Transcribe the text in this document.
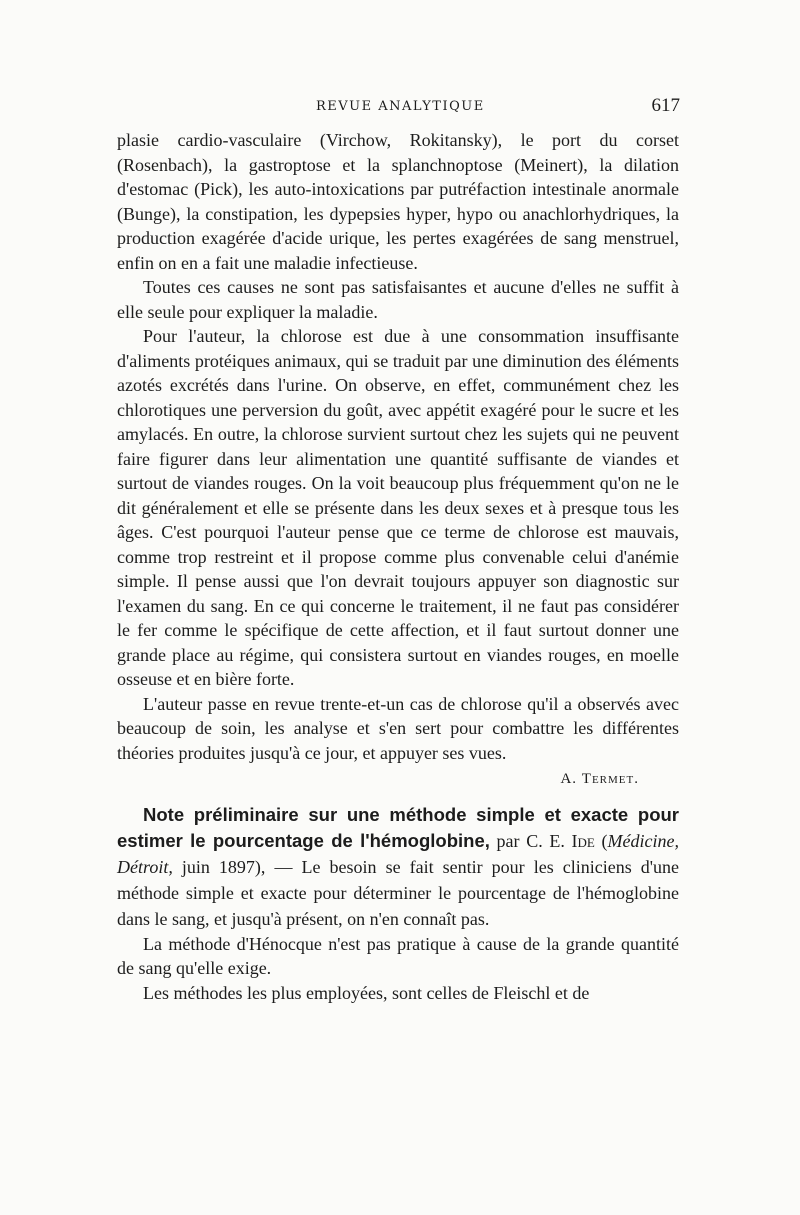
REVUE ANALYTIQUE	617

plasie cardio-vasculaire (Virchow, Rokitansky), le port du corset (Rosenbach), la gastroptose et la splanchnoptose (Meinert), la dilation d'estomac (Pick), les auto-intoxications par putréfaction intestinale anormale (Bunge), la constipation, les dypepsies hyper, hypo ou anachlorhydriques, la production exagérée d'acide urique, les pertes exagérées de sang menstruel, enfin on en a fait une maladie infectieuse.

Toutes ces causes ne sont pas satisfaisantes et aucune d'elles ne suffit à elle seule pour expliquer la maladie.

Pour l'auteur, la chlorose est due à une consommation insuffisante d'aliments protéiques animaux, qui se traduit par une diminution des éléments azotés excrétés dans l'urine. On observe, en effet, communément chez les chlorotiques une perversion du goût, avec appétit exagéré pour le sucre et les amylacés. En outre, la chlorose survient surtout chez les sujets qui ne peuvent faire figurer dans leur alimentation une quantité suffisante de viandes et surtout de viandes rouges. On la voit beaucoup plus fréquemment qu'on ne le dit généralement et elle se présente dans les deux sexes et à presque tous les âges. C'est pourquoi l'auteur pense que ce terme de chlorose est mauvais, comme trop restreint et il propose comme plus convenable celui d'anémie simple. Il pense aussi que l'on devrait toujours appuyer son diagnostic sur l'examen du sang. En ce qui concerne le traitement, il ne faut pas considérer le fer comme le spécifique de cette affection, et il faut surtout donner une grande place au régime, qui consistera surtout en viandes rouges, en moelle osseuse et en bière forte.

L'auteur passe en revue trente-et-un cas de chlorose qu'il a observés avec beaucoup de soin, les analyse et s'en sert pour combattre les différentes théories produites jusqu'à ce jour, et appuyer ses vues.

A. Termet.

Note préliminaire sur une méthode simple et exacte pour estimer le pourcentage de l'hémoglobine, par C. E. Ide (Médicine, Détroit, juin 1897), — Le besoin se fait sentir pour les cliniciens d'une méthode simple et exacte pour déterminer le pourcentage de l'hémoglobine dans le sang, et jusqu'à présent, on n'en connaît pas.

La méthode d'Hénocque n'est pas pratique à cause de la grande quantité de sang qu'elle exige.

Les méthodes les plus employées, sont celles de Fleischl et de
